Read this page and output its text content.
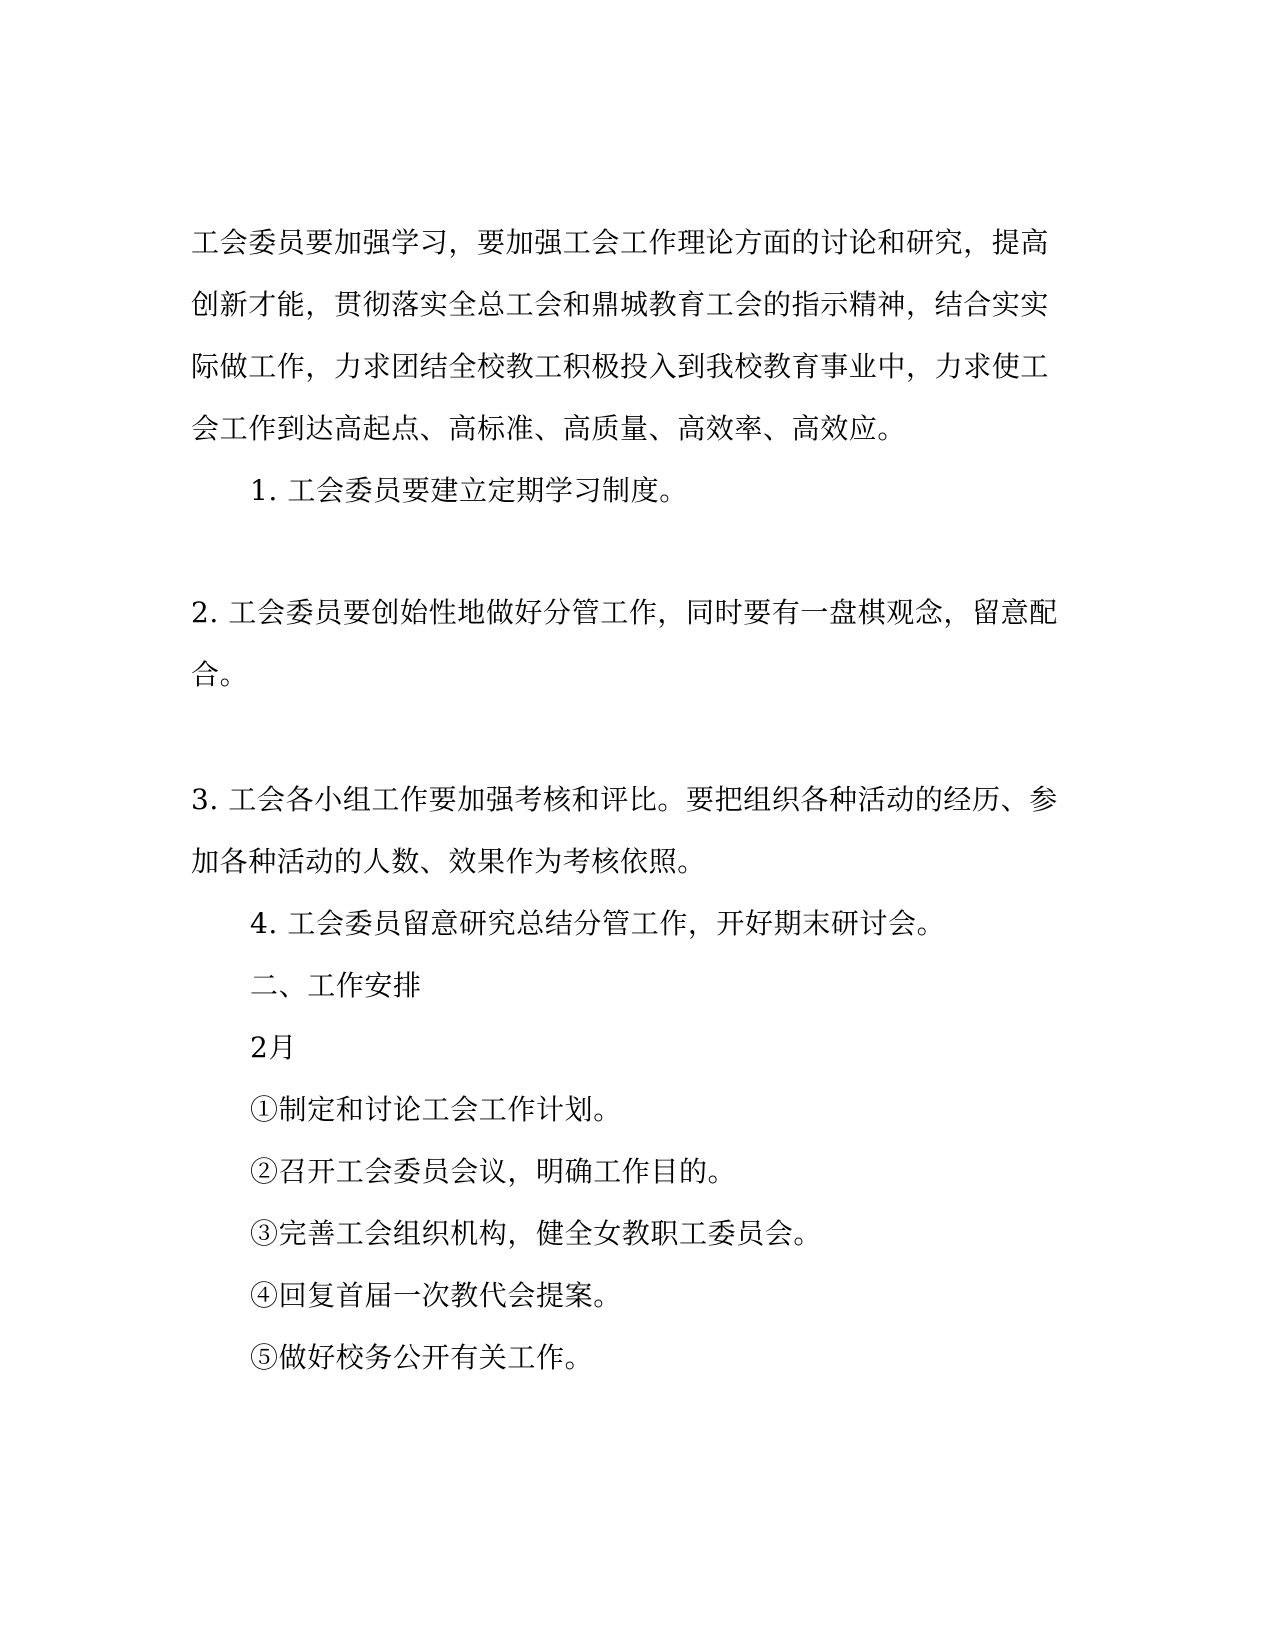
工会委员要加强学习，要加强工会工作理论方面的讨论和研究，提高

创新才能，贯彻落实全总工会和鼎城教育工会的指示精神，结合实实

际做工作，力求团结全校教工积极投入到我校教育事业中，力求使工

会工作到达高起点、高标准、高质量、高效率、高效应。

1. 工会委员要建立定期学习制度。

2. 工会委员要创始性地做好分管工作，同时要有一盘棋观念，留意配

合。

3. 工会各小组工作要加强考核和评比。要把组织各种活动的经历、参

加各种活动的人数、效果作为考核依照。

4. 工会委员留意研究总结分管工作，开好期末研讨会。

二、工作安排

2月

①制定和讨论工会工作计划。

②召开工会委员会议，明确工作目的。

③完善工会组织机构，健全女教职工委员会。

④回复首届一次教代会提案。

⑤做好校务公开有关工作。
